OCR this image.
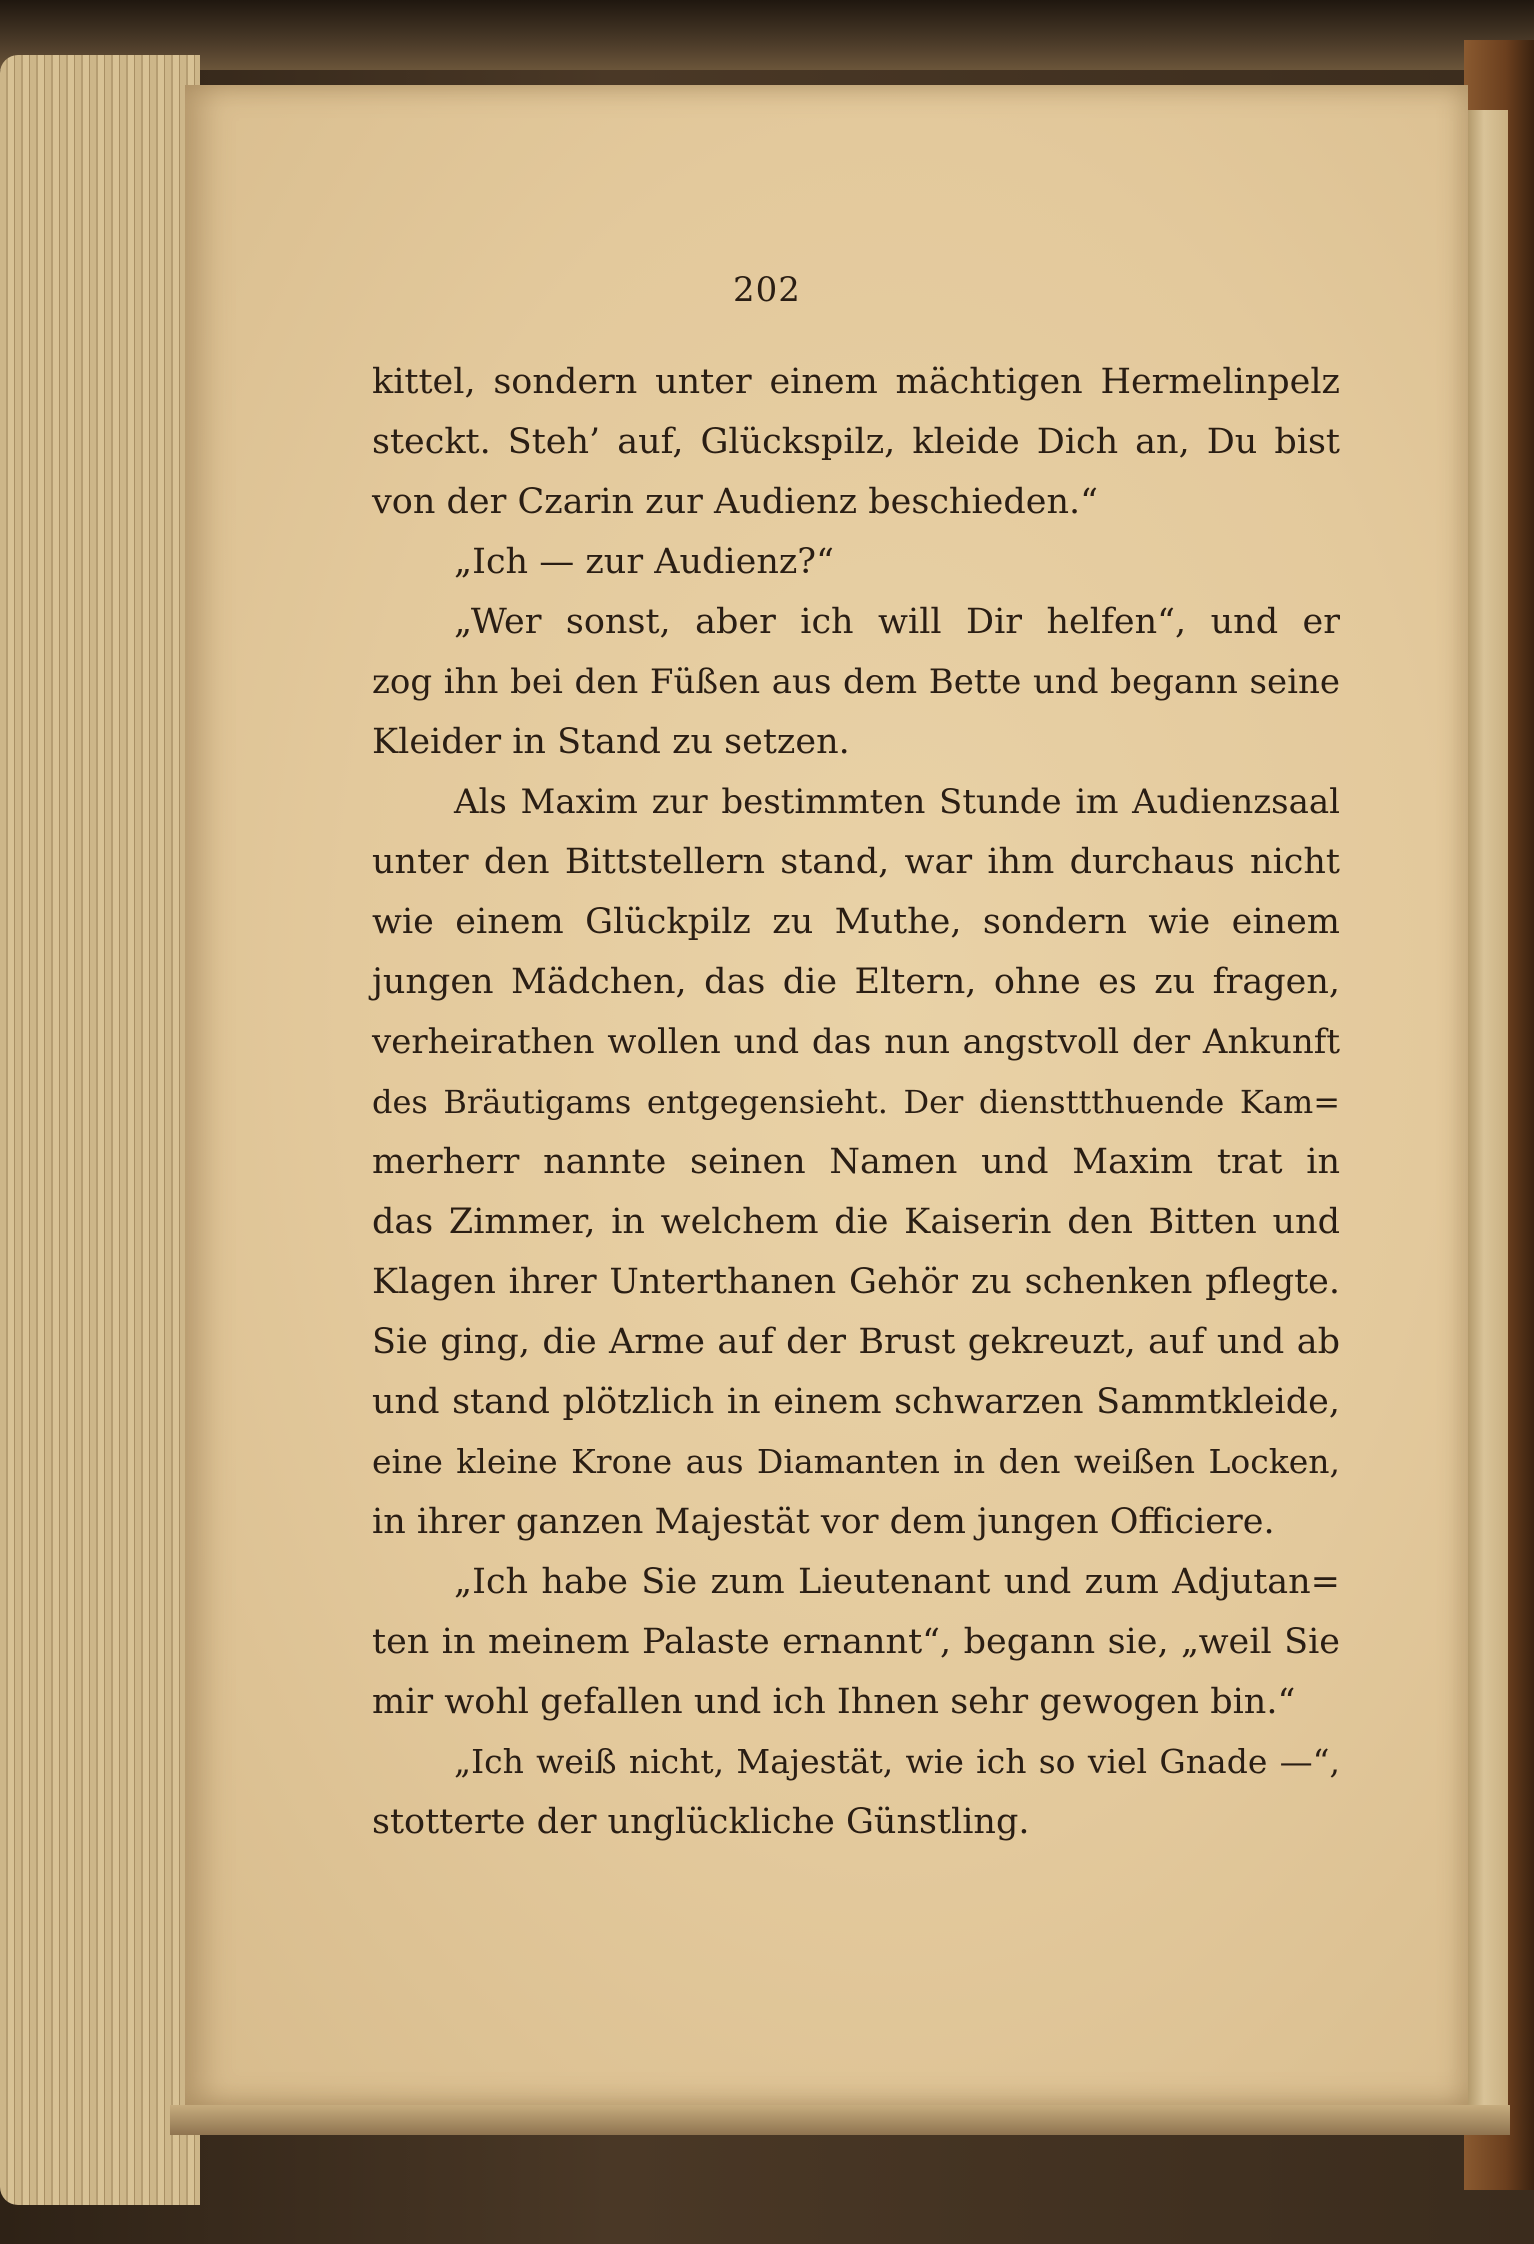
202
kittel, sondern unter einem mächtigen Hermelinpelz
steckt. Steh’ auf, Glückspilz, kleide Dich an, Du bist
von der Czarin zur Audienz beschieden.“
„Ich — zur Audienz?“
„Wer sonst, aber ich will Dir helfen“, und er
zog ihn bei den Füßen aus dem Bette und begann seine
Kleider in Stand zu setzen.
Als Maxim zur bestimmten Stunde im Audienzsaal
unter den Bittstellern stand, war ihm durchaus nicht
wie einem Glückpilz zu Muthe, sondern wie einem
jungen Mädchen, das die Eltern, ohne es zu fragen,
verheirathen wollen und das nun angstvoll der Ankunft
des Bräutigams entgegensieht. Der diensttthuende Kam=
merherr nannte seinen Namen und Maxim trat in
das Zimmer, in welchem die Kaiserin den Bitten und
Klagen ihrer Unterthanen Gehör zu schenken pflegte.
Sie ging, die Arme auf der Brust gekreuzt, auf und ab
und stand plötzlich in einem schwarzen Sammtkleide,
eine kleine Krone aus Diamanten in den weißen Locken,
in ihrer ganzen Majestät vor dem jungen Officiere.
„Ich habe Sie zum Lieutenant und zum Adjutan=
ten in meinem Palaste ernannt“, begann sie, „weil Sie
mir wohl gefallen und ich Ihnen sehr gewogen bin.“
„Ich weiß nicht, Majestät, wie ich so viel Gnade —“,
stotterte der unglückliche Günstling.
